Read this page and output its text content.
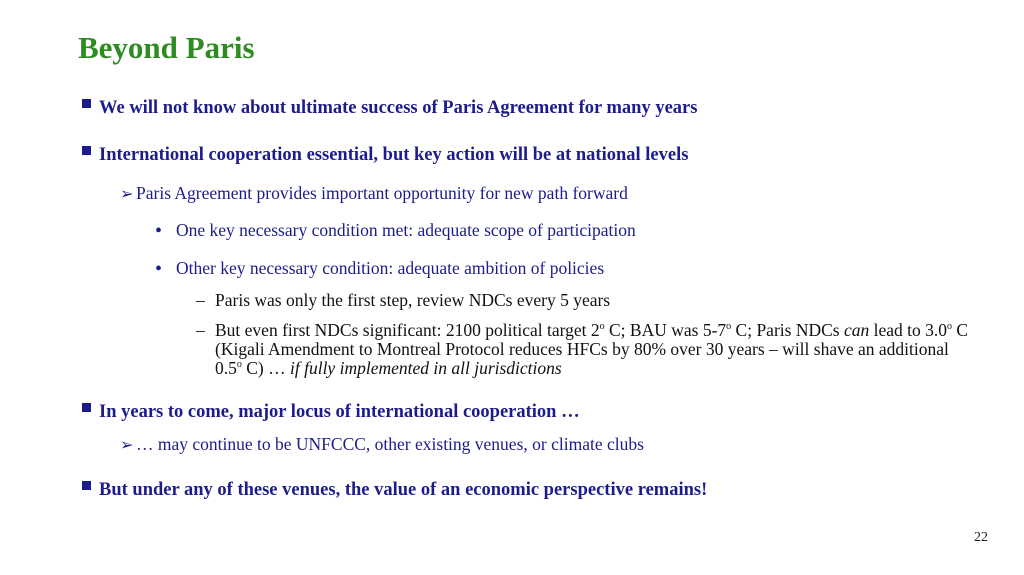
Beyond Paris
We will not know about ultimate success of Paris Agreement for many years
International cooperation essential, but key action will be at national levels
➢ Paris Agreement provides important opportunity for new path forward
• One key necessary condition met: adequate scope of participation
• Other key necessary condition: adequate ambition of policies
– Paris was only the first step, review NDCs every 5 years
– But even first NDCs significant: 2100 political target 2$^o$ C; BAU was 5-7$^o$ C; Paris NDCs can lead to 3.0$^o$ C (Kigali Amendment to Montreal Protocol reduces HFCs by 80% over 30 years – will shave an additional 0.5$^o$ C) … if fully implemented in all jurisdictions
In years to come, major locus of international cooperation …
➢ … may continue to be UNFCCC, other existing venues, or climate clubs
But under any of these venues, the value of an economic perspective remains!
22
